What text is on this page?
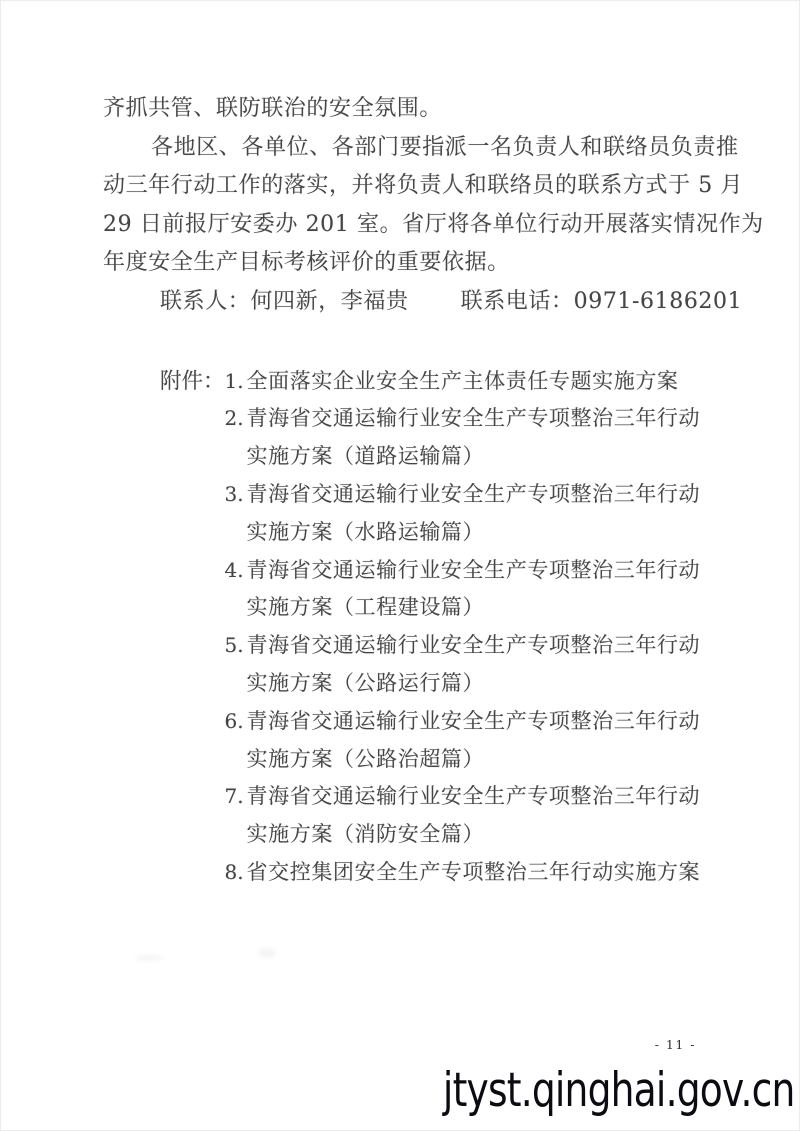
齐抓共管、联防联治的安全氛围。
各地区、各单位、各部门要指派一名负责人和联络员负责推
动三年行动工作的落实，并将负责人和联络员的联系方式于 5 月
29 日前报厅安委办 201 室。省厅将各单位行动开展落实情况作为
年度安全生产目标考核评价的重要依据。
联系人：何四新，李福贵 联系电话：0971-6186201
附件： 1. 全面落实企业安全生产主体责任专题实施方案
2. 青海省交通运输行业安全生产专项整治三年行动
实施方案（道路运输篇）
3. 青海省交通运输行业安全生产专项整治三年行动
实施方案（水路运输篇）
4. 青海省交通运输行业安全生产专项整治三年行动
实施方案（工程建设篇）
5. 青海省交通运输行业安全生产专项整治三年行动
实施方案（公路运行篇）
6. 青海省交通运输行业安全生产专项整治三年行动
实施方案（公路治超篇）
7. 青海省交通运输行业安全生产专项整治三年行动
实施方案（消防安全篇）
8. 省交控集团安全生产专项整治三年行动实施方案
- 11 -
jtyst.qinghai.gov.cn
